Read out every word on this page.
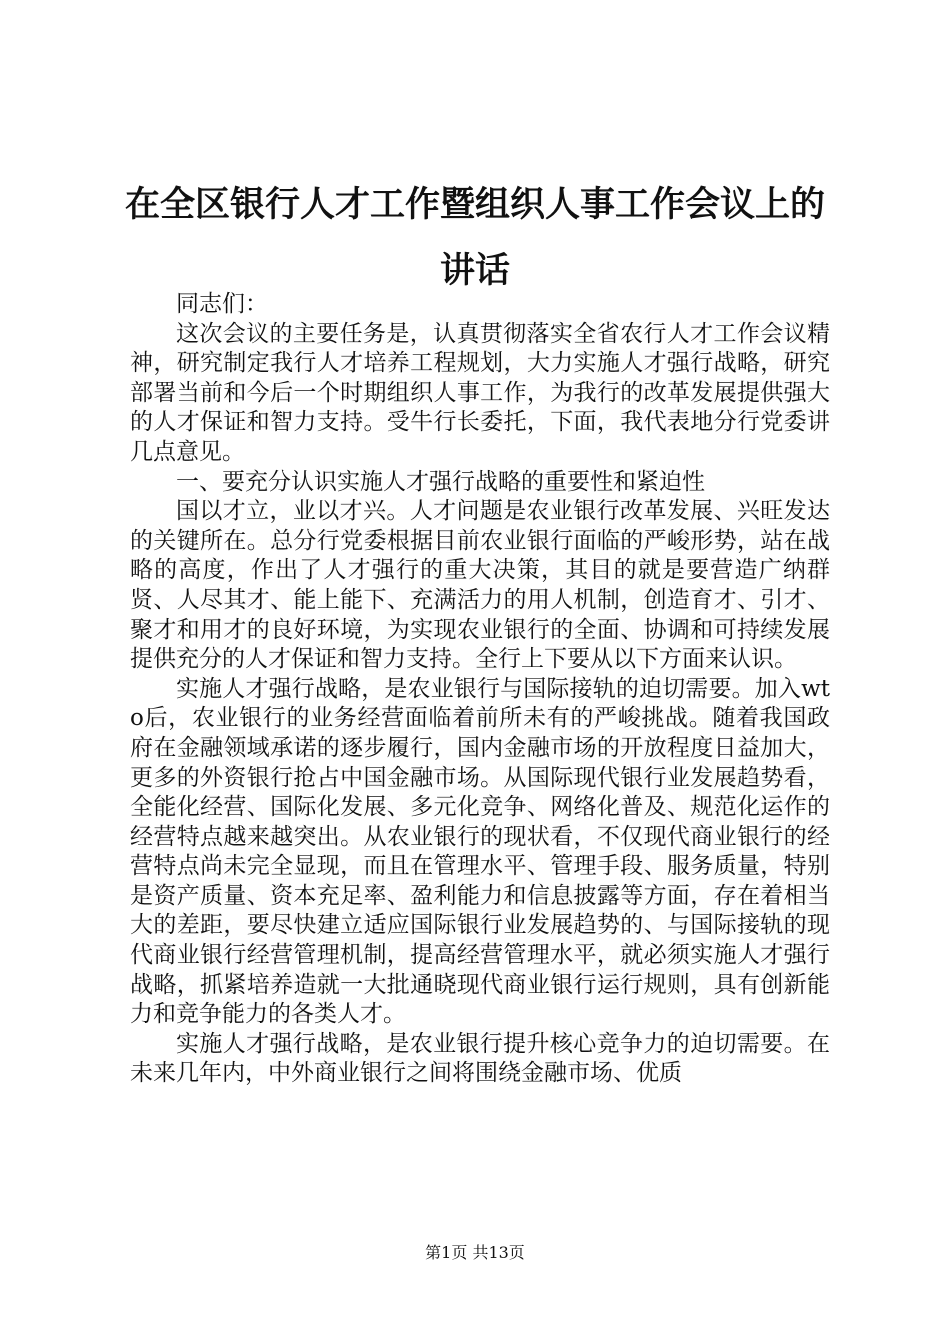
在全区银行人才工作暨组织人事工作会议上的
讲话

同志们：

这次会议的主要任务是，认真贯彻落实全省农行人才工作会议精神，研究制定我行人才培养工程规划，大力实施人才强行战略，研究部署当前和今后一个时期组织人事工作，为我行的改革发展提供强大的人才保证和智力支持。受牛行长委托，下面，我代表地分行党委讲几点意见。

一、要充分认识实施人才强行战略的重要性和紧迫性

国以才立，业以才兴。人才问题是农业银行改革发展、兴旺发达的关键所在。总分行党委根据目前农业银行面临的严峻形势，站在战略的高度，作出了人才强行的重大决策，其目的就是要营造广纳群贤、人尽其才、能上能下、充满活力的用人机制，创造育才、引才、聚才和用才的良好环境，为实现农业银行的全面、协调和可持续发展提供充分的人才保证和智力支持。全行上下要从以下方面来认识。

实施人才强行战略，是农业银行与国际接轨的迫切需要。加入wto后，农业银行的业务经营面临着前所未有的严峻挑战。随着我国政府在金融领域承诺的逐步履行，国内金融市场的开放程度日益加大，更多的外资银行抢占中国金融市场。从国际现代银行业发展趋势看，全能化经营、国际化发展、多元化竞争、网络化普及、规范化运作的经营特点越来越突出。从农业银行的现状看，不仅现代商业银行的经营特点尚未完全显现，而且在管理水平、管理手段、服务质量，特别是资产质量、资本充足率、盈利能力和信息披露等方面，存在着相当大的差距，要尽快建立适应国际银行业发展趋势的、与国际接轨的现代商业银行经营管理机制，提高经营管理水平，就必须实施人才强行战略，抓紧培养造就一大批通晓现代商业银行运行规则，具有创新能力和竞争能力的各类人才。

实施人才强行战略，是农业银行提升核心竞争力的迫切需要。在未来几年内，中外商业银行之间将围绕金融市场、优质

第1页 共13页
